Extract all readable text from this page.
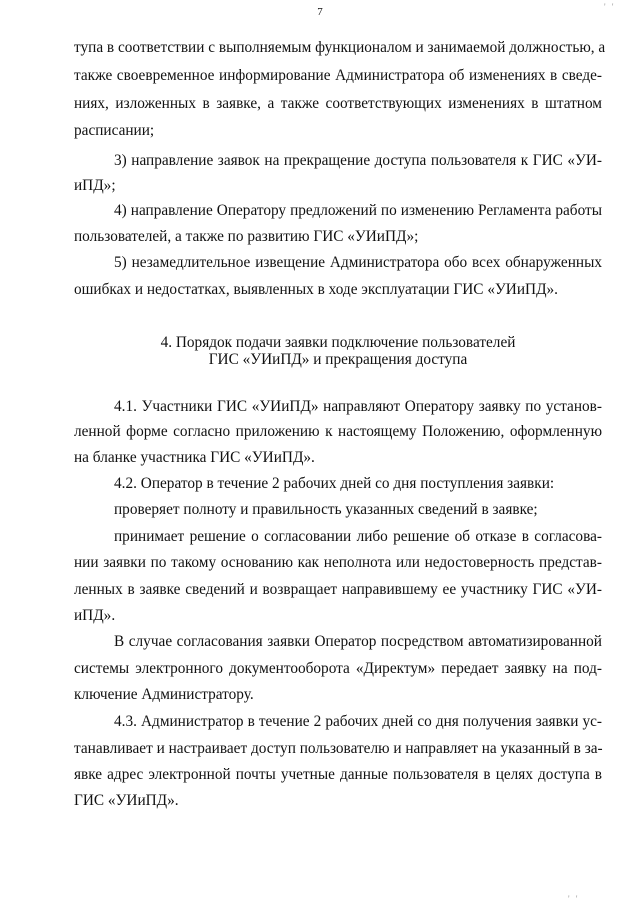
7
тупа в соответствии с выполняемым функционалом и занимаемой должностью, а
также своевременное информирование Администратора об изменениях в сведе-
ниях, изложенных в заявке, а также соответствующих изменениях в штатном
расписании;
3) направление заявок на прекращение доступа пользователя к ГИС «УИ-
иПД»;
4) направление Оператору предложений по изменению Регламента работы
пользователей, а также по развитию ГИС «УИиПД»;
5) незамедлительное извещение Администратора обо всех обнаруженных
ошибках и недостатках, выявленных в ходе эксплуатации ГИС «УИиПД».
4. Порядок подачи заявки подключение пользователей
ГИС «УИиПД» и прекращения доступа
4.1. Участники ГИС «УИиПД» направляют Оператору заявку по установ-
ленной форме согласно приложению к настоящему Положению, оформленную
на бланке участника ГИС «УИиПД».
4.2. Оператор в течение 2 рабочих дней со дня поступления заявки:
проверяет полноту и правильность указанных сведений в заявке;
принимает решение о согласовании либо решение об отказе в согласова-
нии заявки по такому основанию как неполнота или недостоверность представ-
ленных в заявке сведений и возвращает направившему ее участнику ГИС «УИ-
иПД».
В случае согласования заявки Оператор посредством автоматизированной
системы электронного документооборота «Директум» передает заявку на под-
ключение Администратору.
4.3. Администратор в течение 2 рабочих дней со дня получения заявки ус-
танавливает и настраивает доступ пользователю и направляет на указанный в за-
явке адрес электронной почты учетные данные пользователя в целях доступа в
ГИС «УИиПД».
' '
' '
